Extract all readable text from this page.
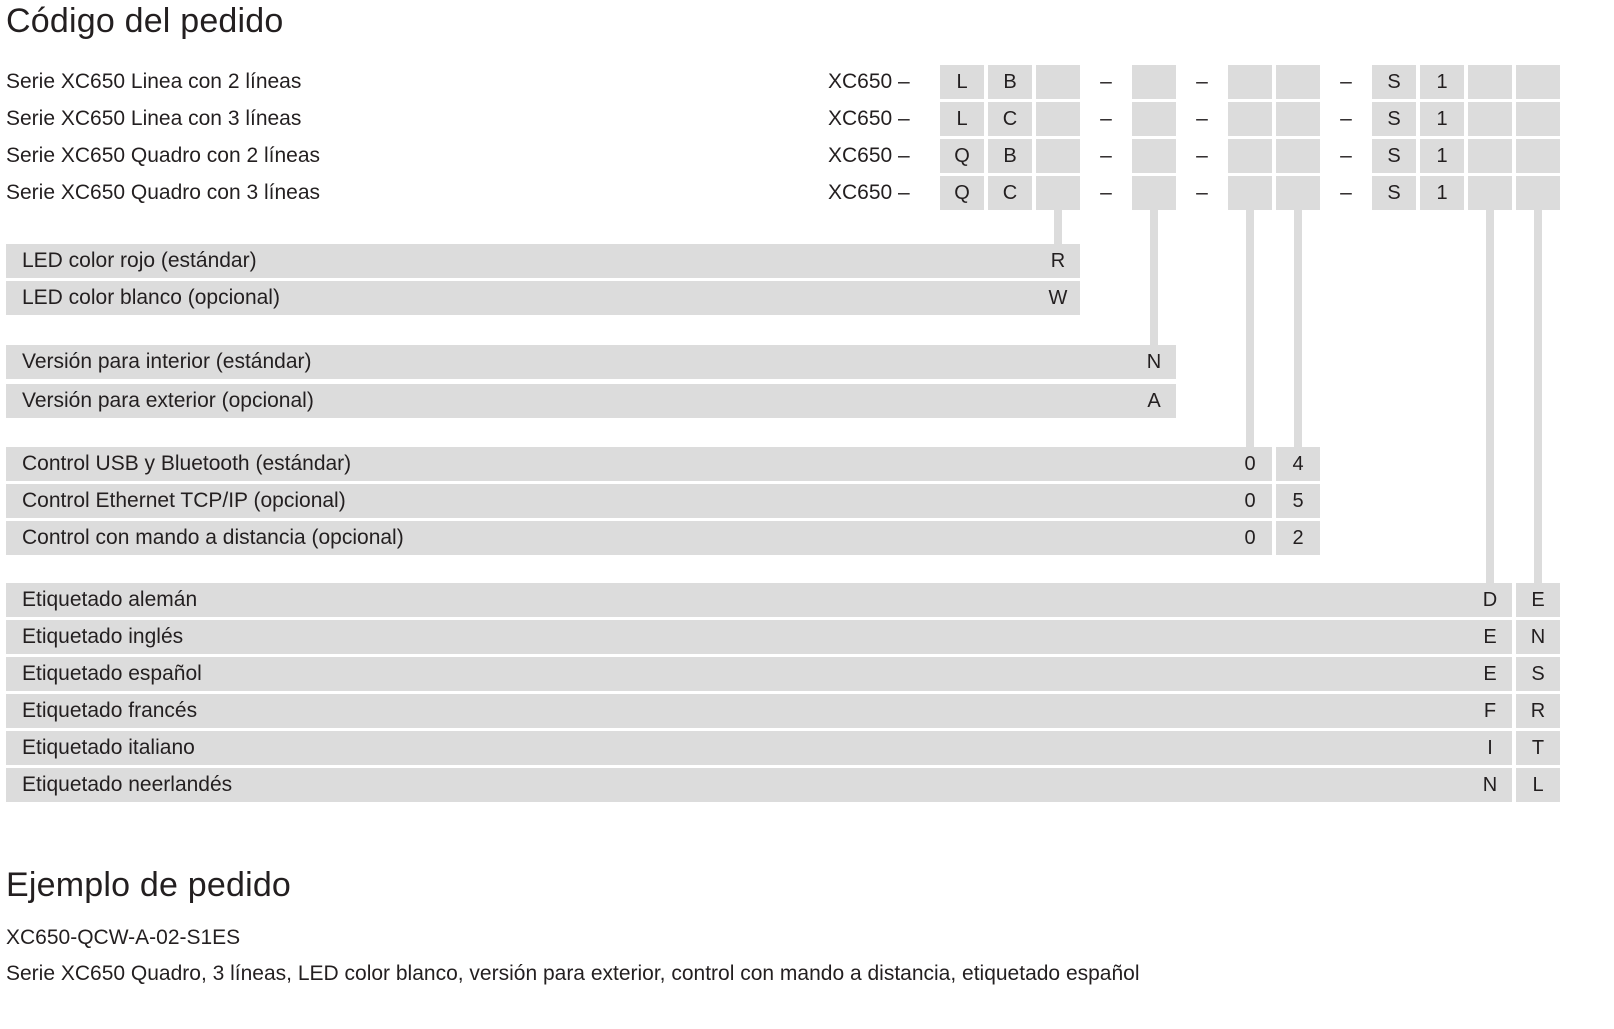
Código del pedido
Serie XC650 Linea con 2 líneas	XC650 –	L	B	–	–	–	S	1
Serie XC650 Linea con 3 líneas	XC650 –	L	C	–	–	–	S	1
Serie XC650 Quadro con 2 líneas	XC650 –	Q	B	–	–	–	S	1
Serie XC650 Quadro con 3 líneas	XC650 –	Q	C	–	–	–	S	1
LED color rojo (estándar)	R
LED color blanco (opcional)	W
Versión para interior (estándar)	N
Versión para exterior (opcional)	A
Control USB y Bluetooth (estándar)	0	4
Control Ethernet TCP/IP (opcional)	0	5
Control con mando a distancia (opcional)	0	2
Etiquetado alemán	D	E
Etiquetado inglés	E	N
Etiquetado español	E	S
Etiquetado francés	F	R
Etiquetado italiano	I	T
Etiquetado neerlandés	N	L
Ejemplo de pedido
XC650-QCW-A-02-S1ES
Serie XC650 Quadro, 3 líneas, LED color blanco, versión para exterior, control con mando a distancia, etiquetado español
